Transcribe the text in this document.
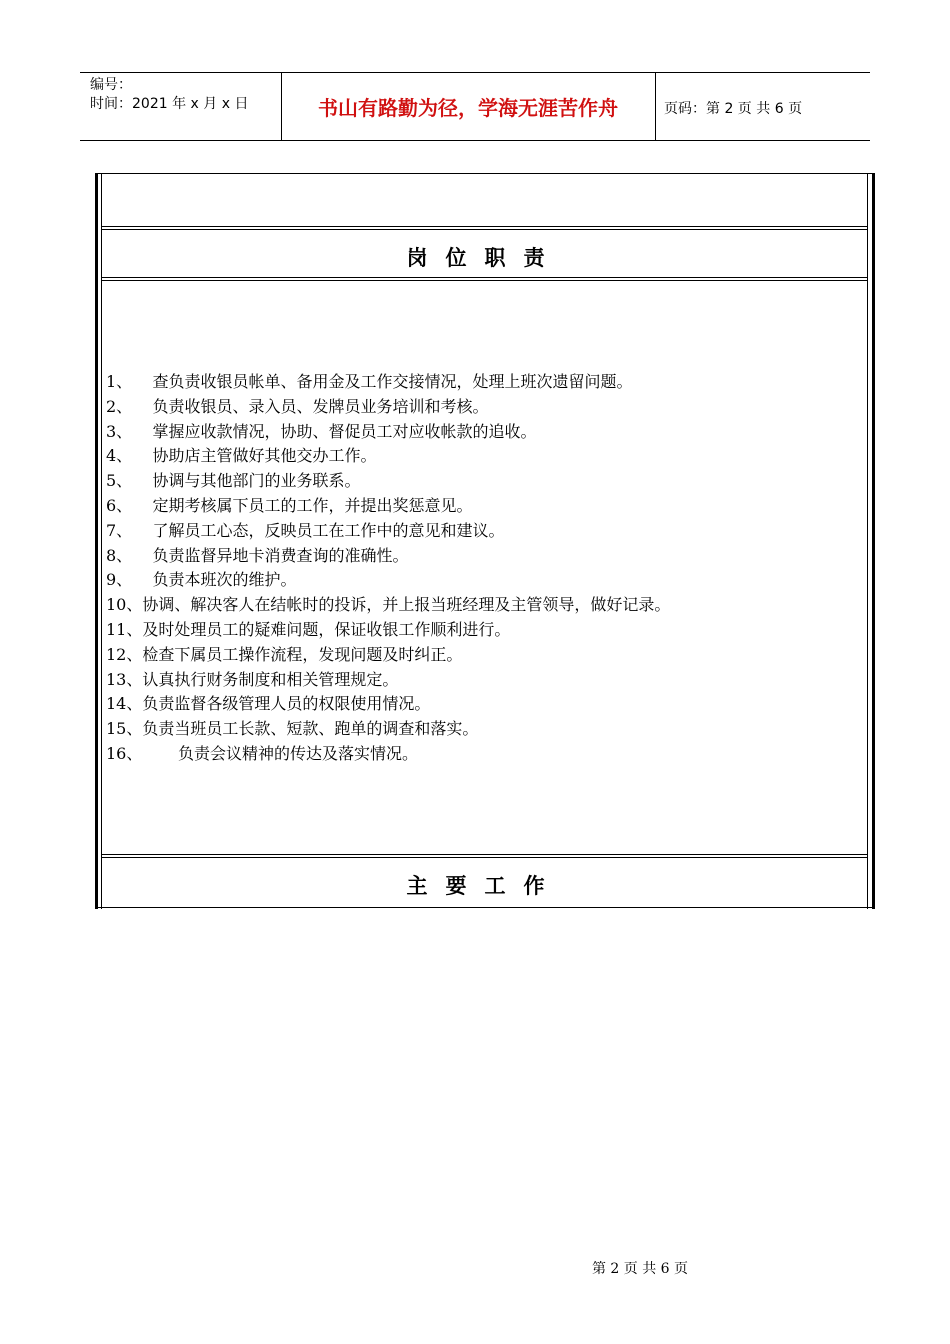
编号：
时间：2021 年 x 月 x 日	书山有路勤为径，学海无涯苦作舟	页码：第 2 页 共 6 页
岗位职责
1、 查负责收银员帐单、备用金及工作交接情况，处理上班次遗留问题。
2、 负责收银员、录入员、发牌员业务培训和考核。
3、 掌握应收款情况，协助、督促员工对应收帐款的追收。
4、 协助店主管做好其他交办工作。
5、 协调与其他部门的业务联系。
6、 定期考核属下员工的工作，并提出奖惩意见。
7、 了解员工心态，反映员工在工作中的意见和建议。
8、 负责监督异地卡消费查询的准确性。
9、 负责本班次的维护。
10、协调、解决客人在结帐时的投诉，并上报当班经理及主管领导，做好记录。
11、及时处理员工的疑难问题，保证收银工作顺利进行。
12、检查下属员工操作流程，发现问题及时纠正。
13、认真执行财务制度和相关管理规定。
14、负责监督各级管理人员的权限使用情况。
15、负责当班员工长款、短款、跑单的调查和落实。
16、 负责会议精神的传达及落实情况。
主要工作
第 2 页 共 6 页
